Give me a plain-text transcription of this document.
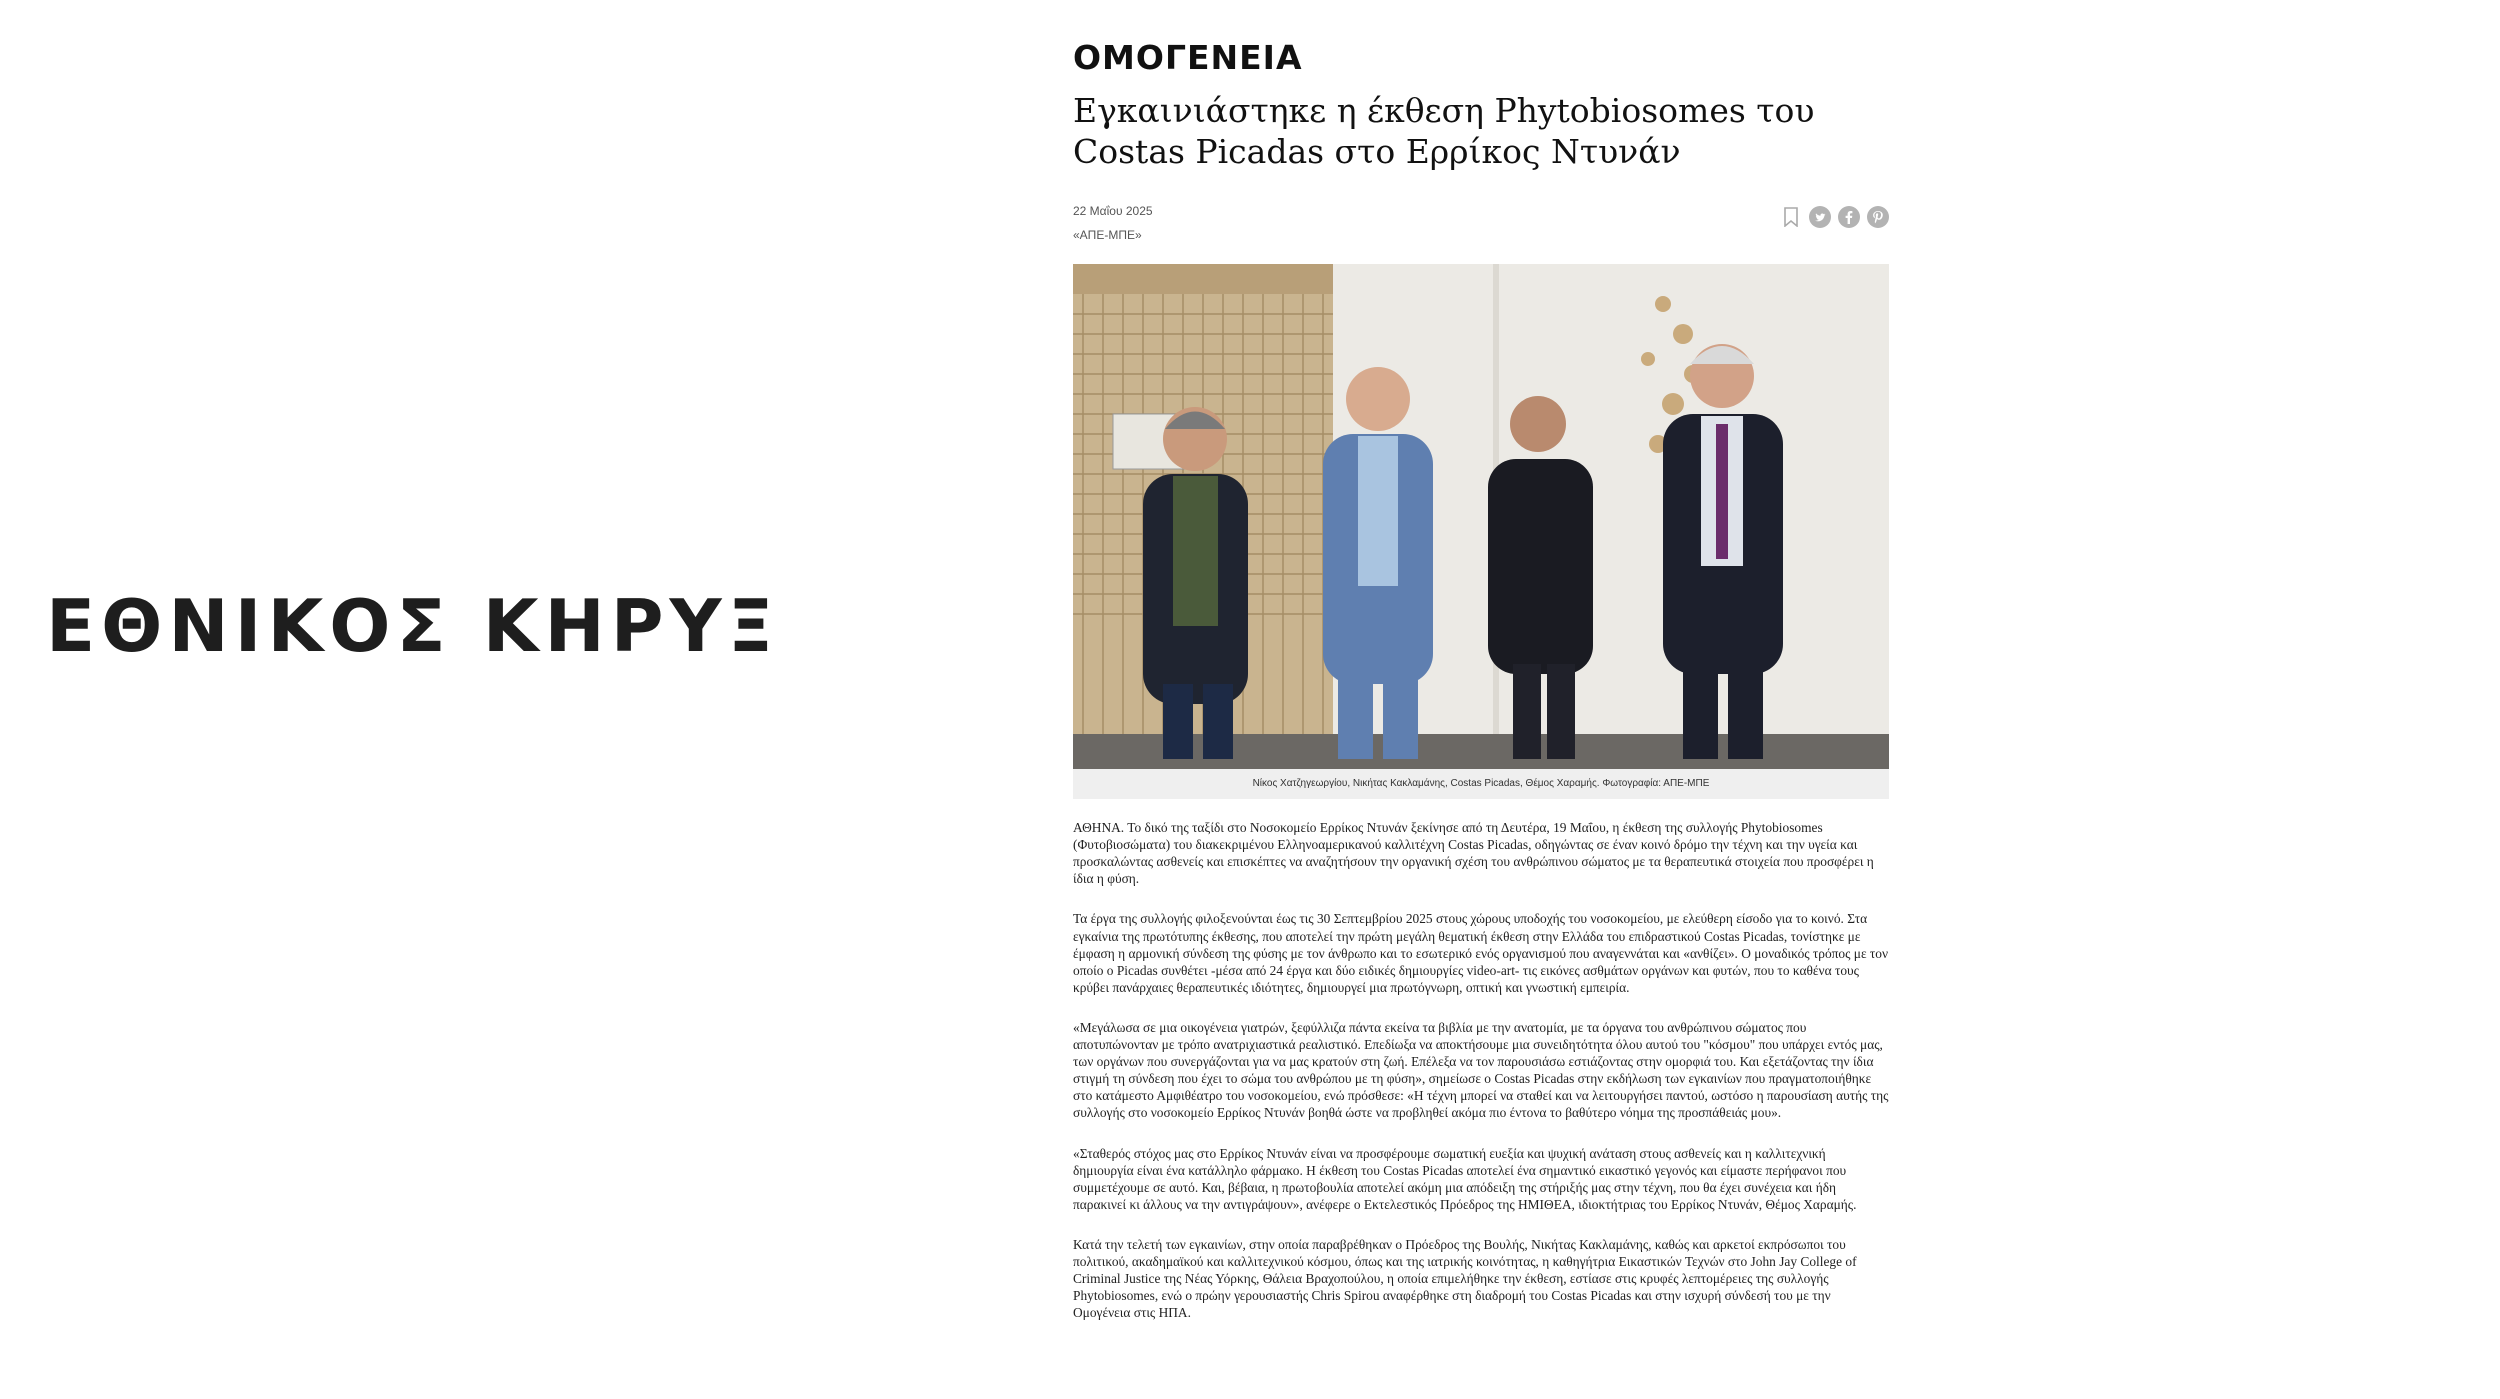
ΕΘΝΙΚΟΣ ΚΗΡΥΞ
ΟΜΟΓΕΝΕΙΑ
Εγκαινιάστηκε η έκθεση Phytobiosomes του Costas Picadas στο Ερρίκος Ντυνάν
22 Μαΐου 2025
«ΑΠΕ-ΜΠΕ»
Νίκος Χατζηγεωργίου, Νικήτας Κακλαμάνης, Costas Picadas, Θέμος Χαραμής. Φωτογραφία: ΑΠΕ-ΜΠΕ

ΑΘΗΝΑ. Το δικό της ταξίδι στο Νοσοκομείο Ερρίκος Ντυνάν ξεκίνησε από τη Δευτέρα, 19 Μαΐου, η έκθεση της συλλογής Phytobiosomes (Φυτοβιοσώματα) του διακεκριμένου Ελληνοαμερικανού καλλιτέχνη Costas Picadas, οδηγώντας σε έναν κοινό δρόμο την τέχνη και την υγεία και προσκαλώντας ασθενείς και επισκέπτες να αναζητήσουν την οργανική σχέση του ανθρώπινου σώματος με τα θεραπευτικά στοιχεία που προσφέρει η ίδια η φύση.

Τα έργα της συλλογής φιλοξενούνται έως τις 30 Σεπτεμβρίου 2025 στους χώρους υποδοχής του νοσοκομείου, με ελεύθερη είσοδο για το κοινό. Στα εγκαίνια της πρωτότυπης έκθεσης, που αποτελεί την πρώτη μεγάλη θεματική έκθεση στην Ελλάδα του επιδραστικού Costas Picadas, τονίστηκε με έμφαση η αρμονική σύνδεση της φύσης με τον άνθρωπο και το εσωτερικό ενός οργανισμού που αναγεννάται και «ανθίζει». Ο μοναδικός τρόπος με τον οποίο ο Picadas συνθέτει -μέσα από 24 έργα και δύο ειδικές δημιουργίες video-art- τις εικόνες ασθμάτων οργάνων και φυτών, που το καθένα τους κρύβει πανάρχαιες θεραπευτικές ιδιότητες, δημιουργεί μια πρωτόγνωρη, οπτική και γνωστική εμπειρία.

«Μεγάλωσα σε μια οικογένεια γιατρών, ξεφύλλιζα πάντα εκείνα τα βιβλία με την ανατομία, με τα όργανα του ανθρώπινου σώματος που αποτυπώνονταν με τρόπο ανατριχιαστικά ρεαλιστικό. Επεδίωξα να αποκτήσουμε μια συνειδητότητα όλου αυτού του "κόσμου" που υπάρχει εντός μας, των οργάνων που συνεργάζονται για να μας κρατούν στη ζωή. Επέλεξα να τον παρουσιάσω εστιάζοντας στην ομορφιά του. Και εξετάζοντας την ίδια στιγμή τη σύνδεση που έχει το σώμα του ανθρώπου με τη φύση», σημείωσε ο Costas Picadas στην εκδήλωση των εγκαινίων που πραγματοποιήθηκε στο κατάμεστο Αμφιθέατρο του νοσοκομείου, ενώ πρόσθεσε: «Η τέχνη μπορεί να σταθεί και να λειτουργήσει παντού, ωστόσο η παρουσίαση αυτής της συλλογής στο νοσοκομείο Ερρίκος Ντυνάν βοηθά ώστε να προβληθεί ακόμα πιο έντονα το βαθύτερο νόημα της προσπάθειάς μου».

«Σταθερός στόχος μας στο Ερρίκος Ντυνάν είναι να προσφέρουμε σωματική ευεξία και ψυχική ανάταση στους ασθενείς και η καλλιτεχνική δημιουργία είναι ένα κατάλληλο φάρμακο. Η έκθεση του Costas Picadas αποτελεί ένα σημαντικό εικαστικό γεγονός και είμαστε περήφανοι που συμμετέχουμε σε αυτό. Και, βέβαια, η πρωτοβουλία αποτελεί ακόμη μια απόδειξη της στήριξής μας στην τέχνη, που θα έχει συνέχεια και ήδη παρακινεί κι άλλους να την αντιγράψουν», ανέφερε ο Εκτελεστικός Πρόεδρος της ΗΜΙΘΕΑ, ιδιοκτήτριας του Ερρίκος Ντυνάν, Θέμος Χαραμής.

Κατά την τελετή των εγκαινίων, στην οποία παραβρέθηκαν ο Πρόεδρος της Βουλής, Νικήτας Κακλαμάνης, καθώς και αρκετοί εκπρόσωποι του πολιτικού, ακαδημαϊκού και καλλιτεχνικού κόσμου, όπως και της ιατρικής κοινότητας, η καθηγήτρια Εικαστικών Τεχνών στο John Jay College of Criminal Justice της Νέας Υόρκης, Θάλεια Βραχοπούλου, η οποία επιμελήθηκε την έκθεση, εστίασε στις κρυφές λεπτομέρειες της συλλογής Phytobiosomes, ενώ ο πρώην γερουσιαστής Chris Spirou αναφέρθηκε στη διαδρομή του Costas Picadas και στην ισχυρή σύνδεσή του με την Ομογένεια στις ΗΠΑ.
